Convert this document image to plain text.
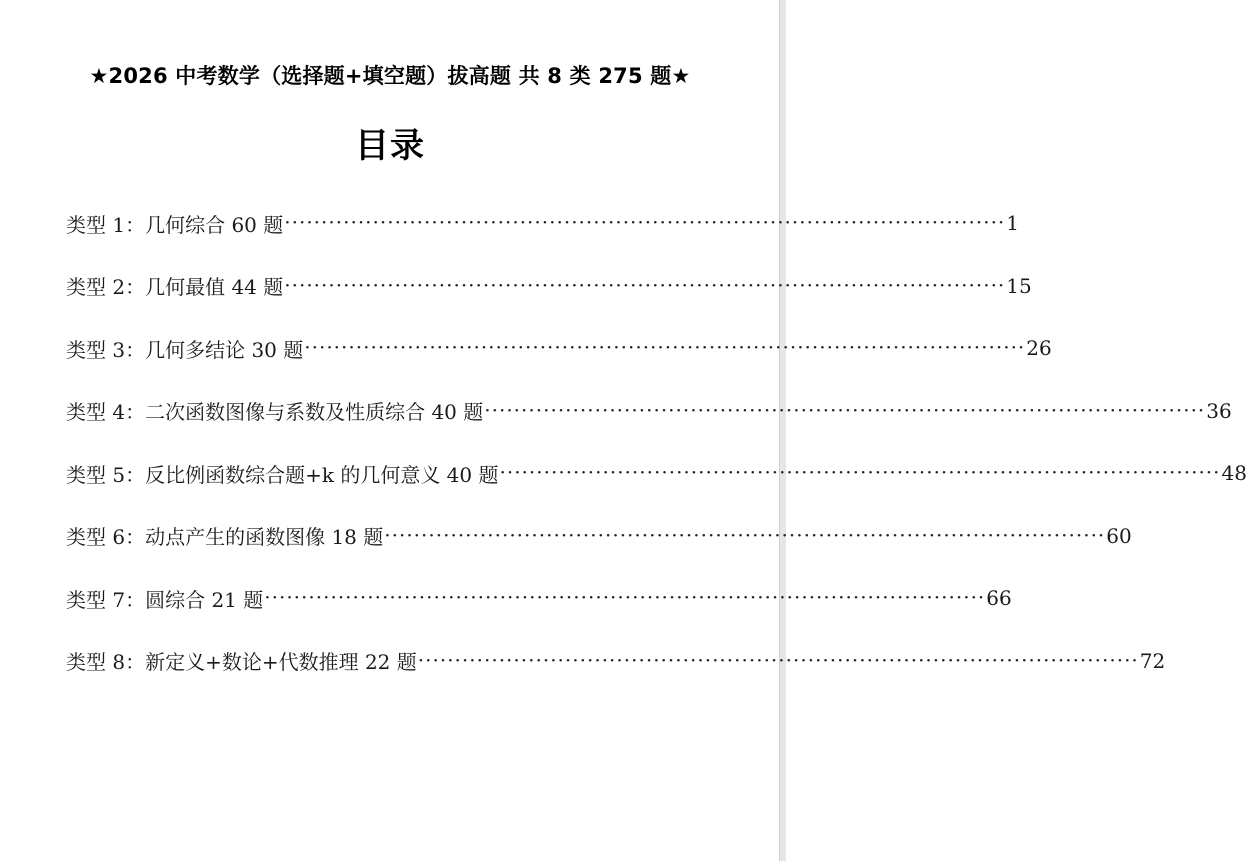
★2026 中考数学（选择题+填空题）拔高题 共 8 类 275 题★
目录
类型 1：几何综合 60 题 ·································································································· 1
类型 2：几何最值 44 题 ·································································································· 15
类型 3：几何多结论 30 题 ·································································································· 26
类型 4：二次函数图像与系数及性质综合 40 题 ·································································································· 36
类型 5：反比例函数综合题+k 的几何意义 40 题 ·································································································· 48
类型 6：动点产生的函数图像 18 题 ·································································································· 60
类型 7：圆综合 21 题 ·································································································· 66
类型 8：新定义+数论+代数推理 22 题 ·································································································· 72
